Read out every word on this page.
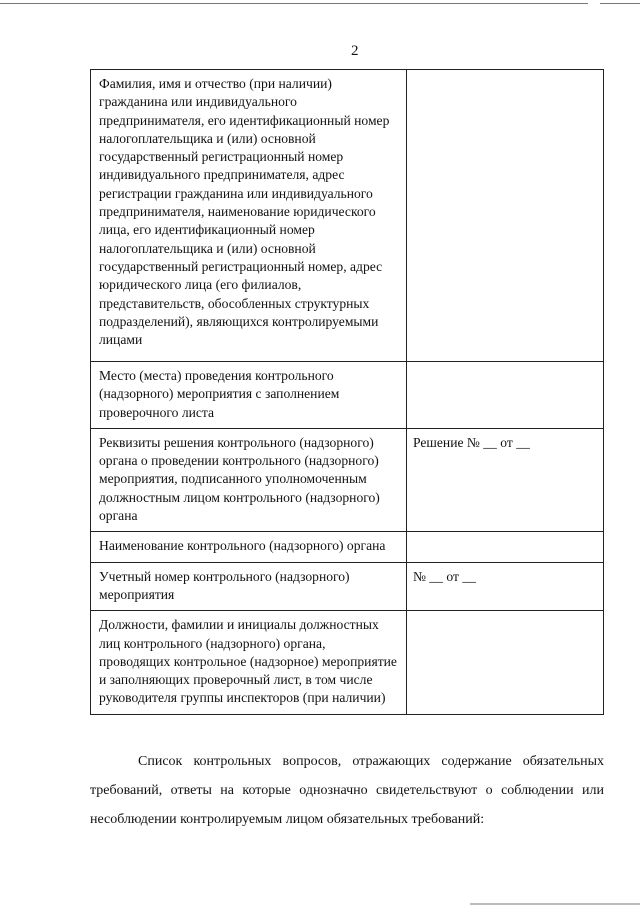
2
Фамилия, имя и отчество (при наличии) гражданина или индивидуального предпринимателя, его идентификационный номер налогоплательщика и (или) основной государственный регистрационный номер индивидуального предпринимателя, адрес регистрации гражданина или индивидуального предпринимателя, наименование юридического лица, его идентификационный номер налогоплательщика и (или) основной государственный регистрационный номер, адрес юридического лица (его филиалов, представительств, обособленных структурных подразделений), являющихся контролируемыми лицами	
Место (места) проведения контрольного (надзорного) мероприятия с заполнением проверочного листа	
Реквизиты решения контрольного (надзорного) органа о проведении контрольного (надзорного) мероприятия, подписанного уполномоченным должностным лицом контрольного (надзорного) органа	Решение № __ от __
Наименование контрольного (надзорного) органа	
Учетный номер контрольного (надзорного) мероприятия	№ __ от __
Должности, фамилии и инициалы должностных лиц контрольного (надзорного) органа, проводящих контрольное (надзорное) мероприятие и заполняющих проверочный лист, в том числе руководителя группы инспекторов (при наличии)	
Список контрольных вопросов, отражающих содержание обязательных требований, ответы на которые однозначно свидетельствуют о соблюдении или несоблюдении контролируемым лицом обязательных требований:
